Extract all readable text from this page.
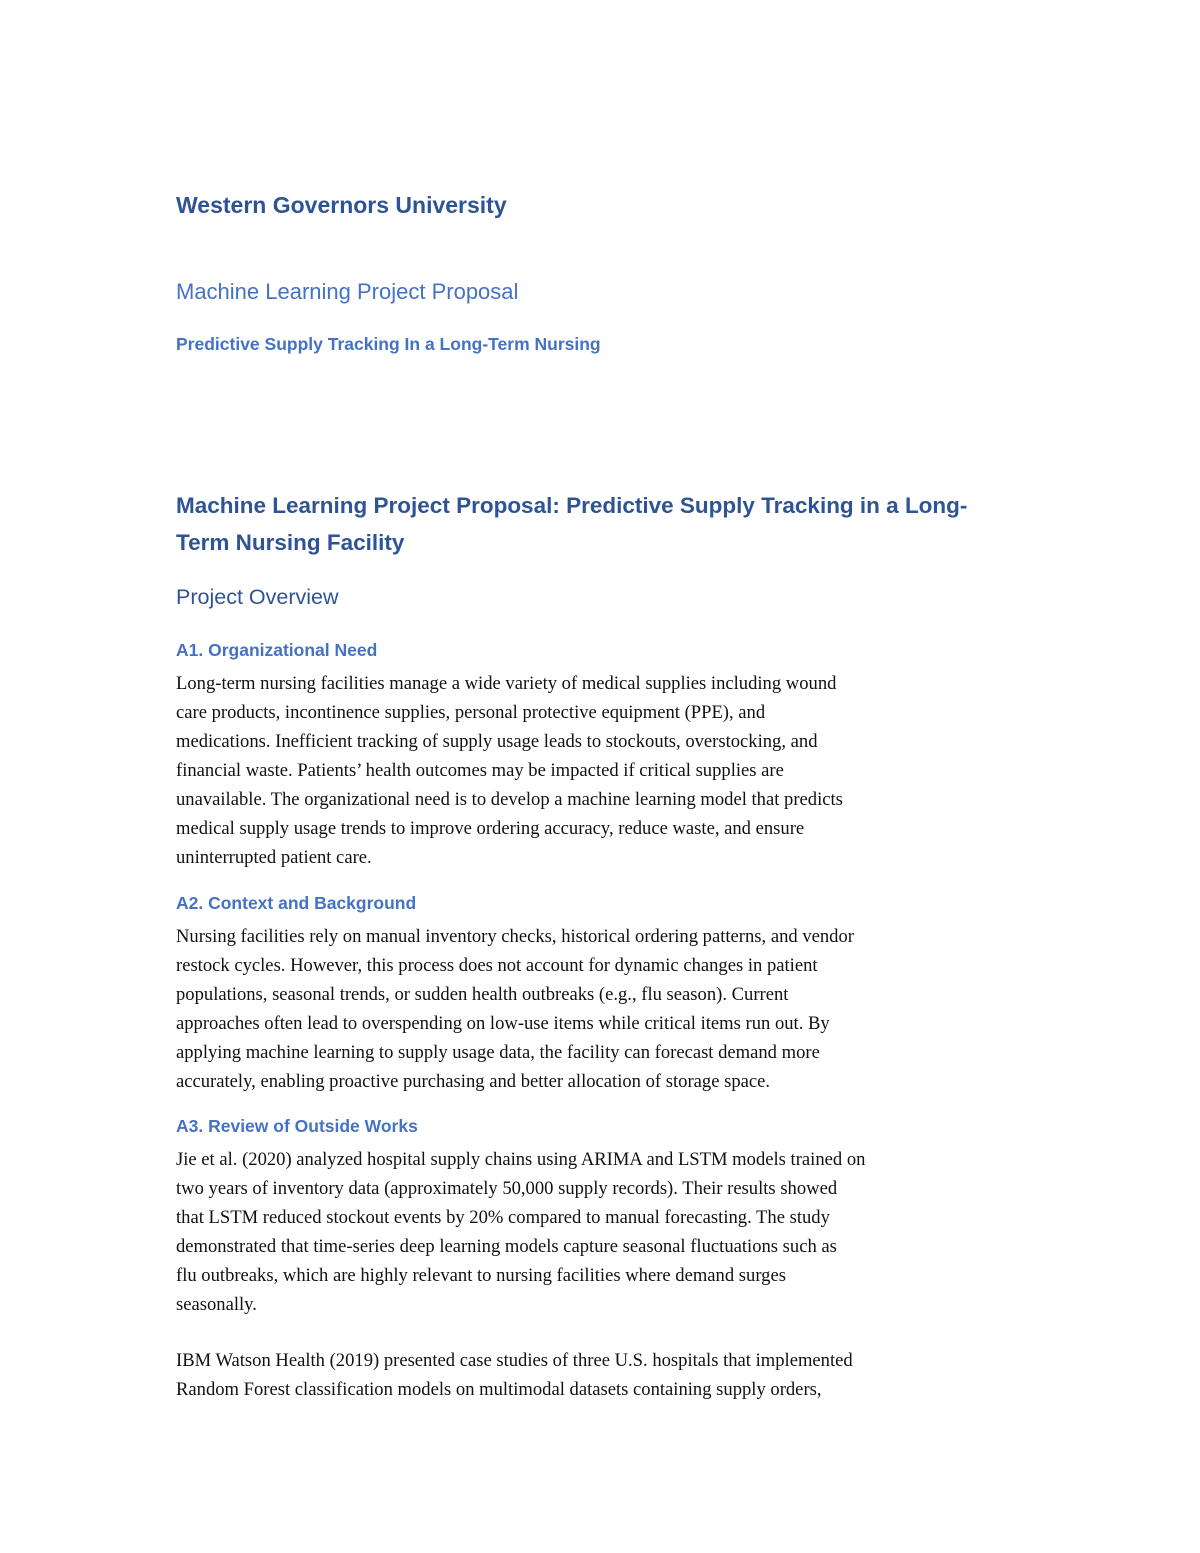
Western Governors University
Machine Learning Project Proposal
Predictive Supply Tracking In a Long-Term Nursing
Machine Learning Project Proposal: Predictive Supply Tracking in a Long-
Term Nursing Facility
Project Overview
A1. Organizational Need

Long-term nursing facilities manage a wide variety of medical supplies including wound
care products, incontinence supplies, personal protective equipment (PPE), and
medications. Inefficient tracking of supply usage leads to stockouts, overstocking, and
financial waste. Patients’ health outcomes may be impacted if critical supplies are
unavailable. The organizational need is to develop a machine learning model that predicts
medical supply usage trends to improve ordering accuracy, reduce waste, and ensure
uninterrupted patient care.

A2. Context and Background

Nursing facilities rely on manual inventory checks, historical ordering patterns, and vendor
restock cycles. However, this process does not account for dynamic changes in patient
populations, seasonal trends, or sudden health outbreaks (e.g., flu season). Current
approaches often lead to overspending on low-use items while critical items run out. By
applying machine learning to supply usage data, the facility can forecast demand more
accurately, enabling proactive purchasing and better allocation of storage space.

A3. Review of Outside Works

Jie et al. (2020) analyzed hospital supply chains using ARIMA and LSTM models trained on
two years of inventory data (approximately 50,000 supply records). Their results showed
that LSTM reduced stockout events by 20% compared to manual forecasting. The study
demonstrated that time-series deep learning models capture seasonal fluctuations such as
flu outbreaks, which are highly relevant to nursing facilities where demand surges
seasonally.

IBM Watson Health (2019) presented case studies of three U.S. hospitals that implemented
Random Forest classification models on multimodal datasets containing supply orders,
